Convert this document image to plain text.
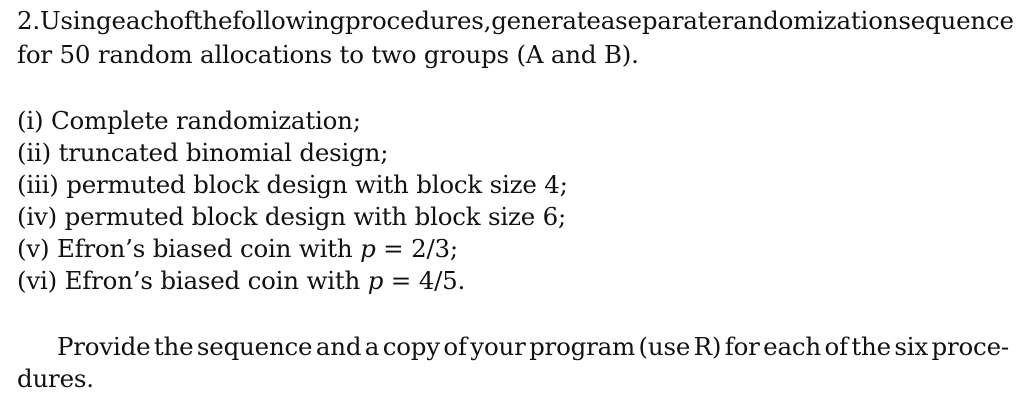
2. Using each of the following procedures, generate a separate randomization sequence
for 50 random allocations to two groups (A and B).
(i) Complete randomization;
(ii) truncated binomial design;
(iii) permuted block design with block size 4;
(iv) permuted block design with block size 6;
(v) Efron’s biased coin with p = 2/3;
(vi) Efron’s biased coin with p = 4/5.
Provide the sequence and a copy of your program (use R) for each of the six proce-
dures.
